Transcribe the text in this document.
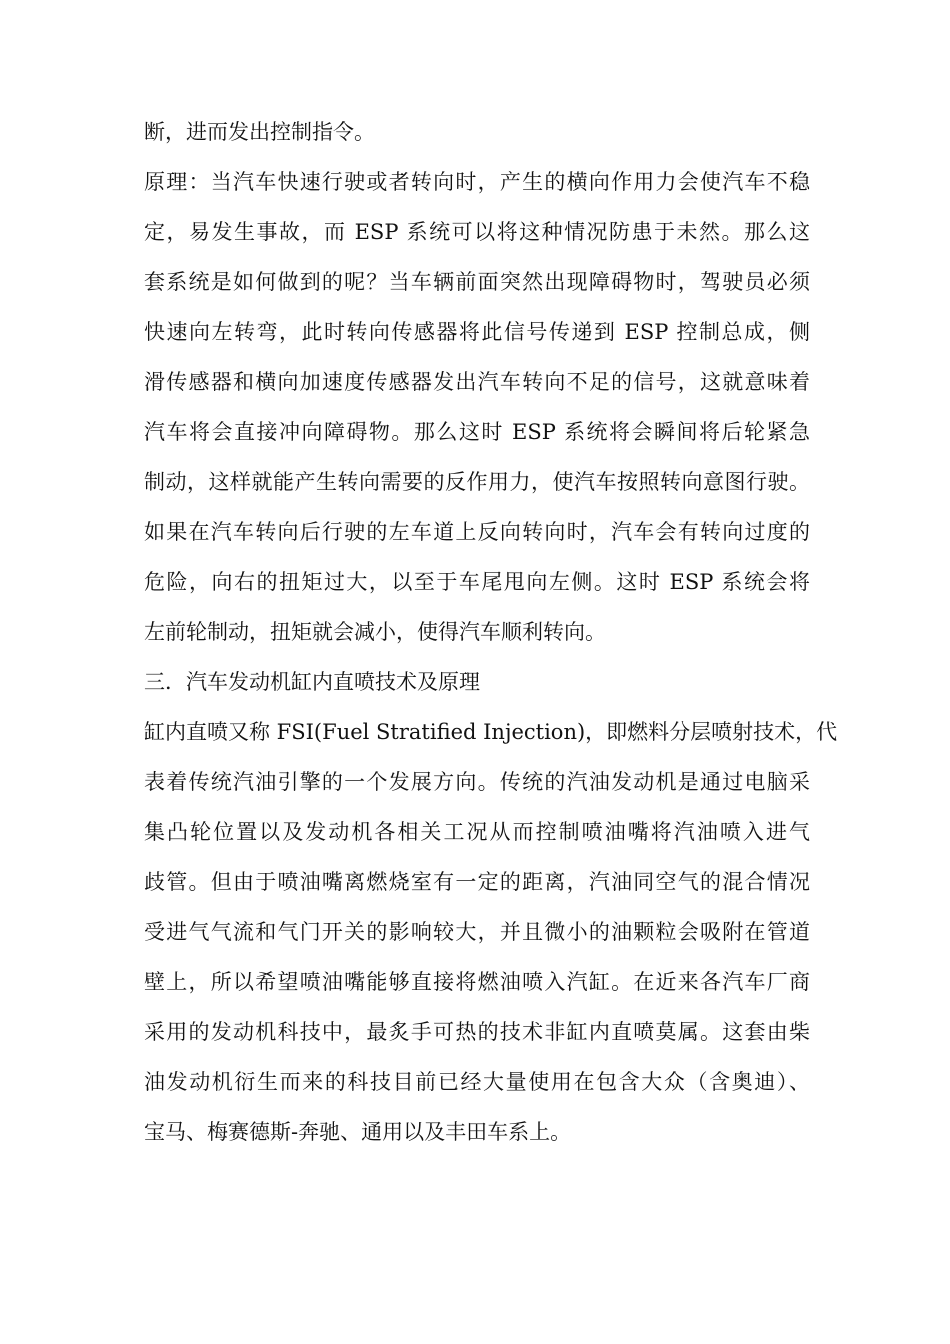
断，进而发出控制指令。
原理：当汽车快速行驶或者转向时，产生的横向作用力会使汽车不稳
定，易发生事故，而 ESP 系统可以将这种情况防患于未然。那么这
套系统是如何做到的呢？当车辆前面突然出现障碍物时，驾驶员必须
快速向左转弯，此时转向传感器将此信号传递到 ESP 控制总成，侧
滑传感器和横向加速度传感器发出汽车转向不足的信号，这就意味着
汽车将会直接冲向障碍物。那么这时 ESP 系统将会瞬间将后轮紧急
制动，这样就能产生转向需要的反作用力，使汽车按照转向意图行驶。
如果在汽车转向后行驶的左车道上反向转向时，汽车会有转向过度的
危险，向右的扭矩过大，以至于车尾甩向左侧。这时 ESP 系统会将
左前轮制动，扭矩就会减小，使得汽车顺利转向。
三．汽车发动机缸内直喷技术及原理
缸内直喷又称 FSI(Fuel Stratified Injection)，即燃料分层喷射技术，代
表着传统汽油引擎的一个发展方向。传统的汽油发动机是通过电脑采
集凸轮位置以及发动机各相关工况从而控制喷油嘴将汽油喷入进气
歧管。但由于喷油嘴离燃烧室有一定的距离，汽油同空气的混合情况
受进气气流和气门开关的影响较大，并且微小的油颗粒会吸附在管道
壁上，所以希望喷油嘴能够直接将燃油喷入汽缸。在近来各汽车厂商
采用的发动机科技中，最炙手可热的技术非缸内直喷莫属。这套由柴
油发动机衍生而来的科技目前已经大量使用在包含大众（含奥迪）、
宝马、梅赛德斯-奔驰、通用以及丰田车系上。
